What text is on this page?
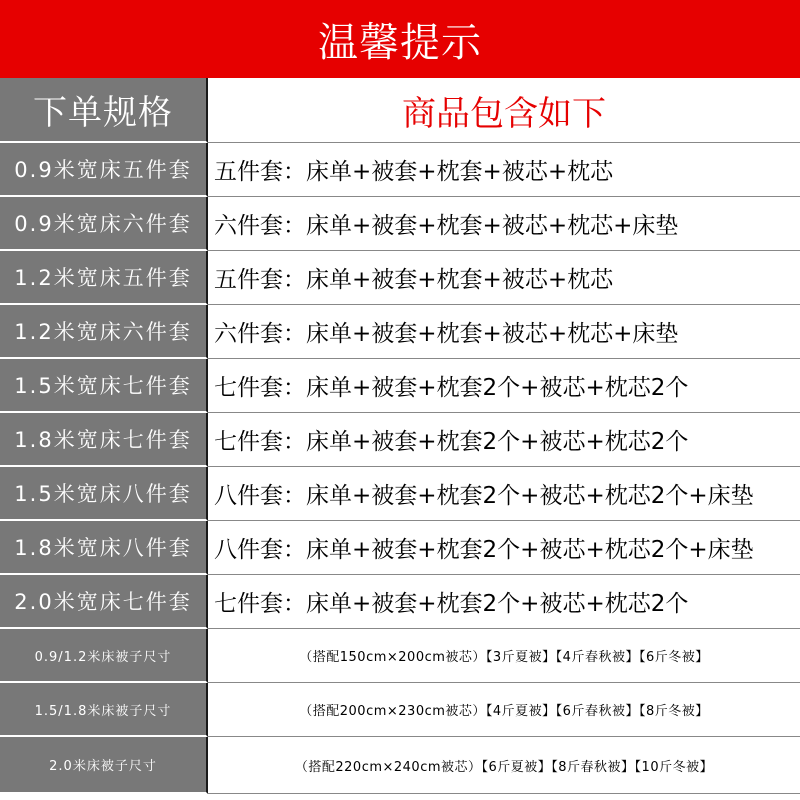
温馨提示
下单规格	商品包含如下
0.9米宽床五件套 五件套：床单+被套+枕套+被芯+枕芯
0.9米宽床六件套 六件套：床单+被套+枕套+被芯+枕芯+床垫
1.2米宽床五件套 五件套：床单+被套+枕套+被芯+枕芯
1.2米宽床六件套 六件套：床单+被套+枕套+被芯+枕芯+床垫
1.5米宽床七件套 七件套：床单+被套+枕套2个+被芯+枕芯2个
1.8米宽床七件套 七件套：床单+被套+枕套2个+被芯+枕芯2个
1.5米宽床八件套 八件套：床单+被套+枕套2个+被芯+枕芯2个+床垫
1.8米宽床八件套 八件套：床单+被套+枕套2个+被芯+枕芯2个+床垫
2.0米宽床七件套 七件套：床单+被套+枕套2个+被芯+枕芯2个
0.9/1.2米床被子尺寸	（搭配150cm×200cm被芯）【3斤夏被】【4斤春秋被】【6斤冬被】
1.5/1.8米床被子尺寸	（搭配200cm×230cm被芯）【4斤夏被】【6斤春秋被】【8斤冬被】
2.0米床被子尺寸	（搭配220cm×240cm被芯）【6斤夏被】【8斤春秋被】【10斤冬被】
